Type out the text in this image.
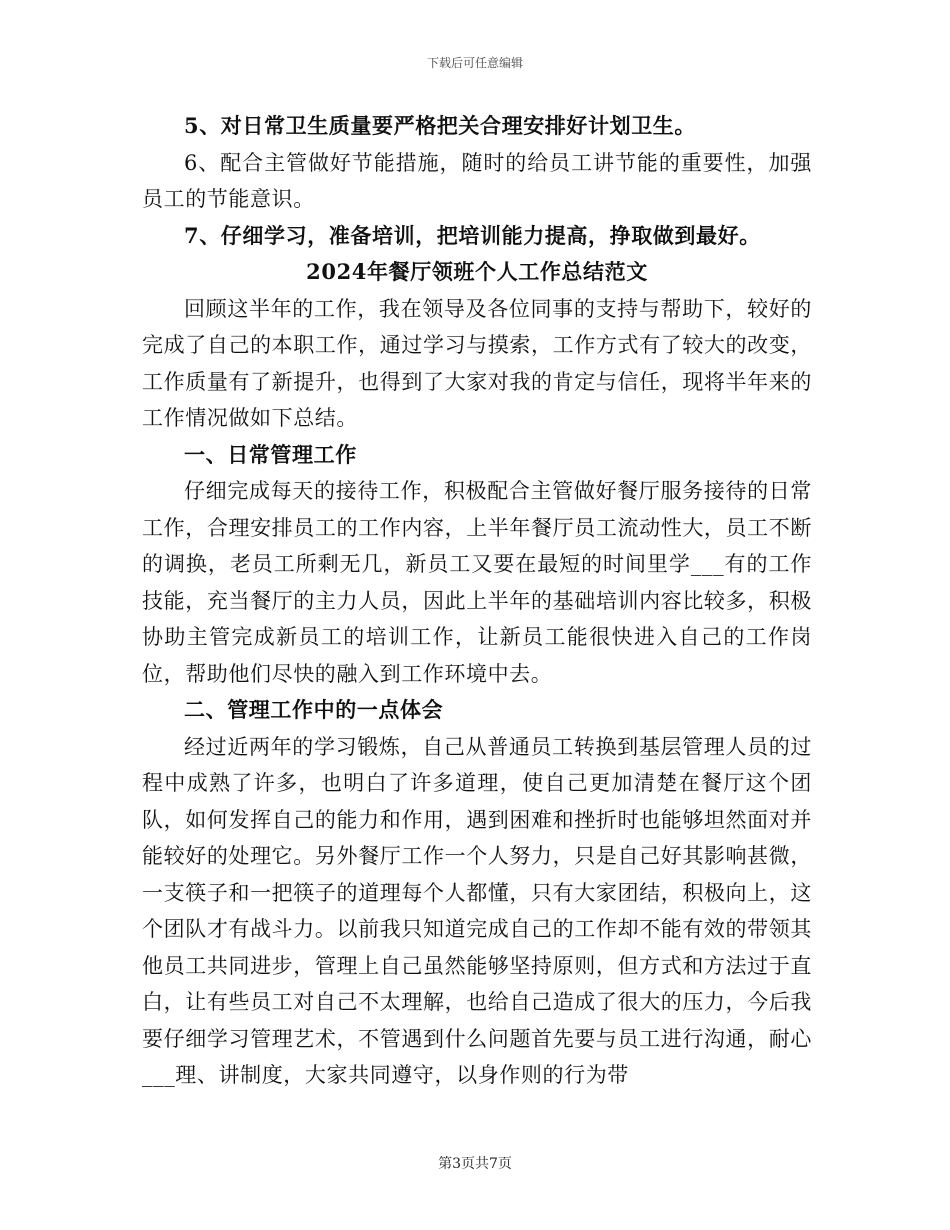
下载后可任意编辑

5、对日常卫生质量要严格把关合理安排好计划卫生。

6、配合主管做好节能措施，随时的给员工讲节能的重要性，加强员工的节能意识。

7、仔细学习，准备培训，把培训能力提高，挣取做到最好。

2024年餐厅领班个人工作总结范文

回顾这半年的工作，我在领导及各位同事的支持与帮助下，较好的完成了自己的本职工作，通过学习与摸索，工作方式有了较大的改变，工作质量有了新提升，也得到了大家对我的肯定与信任，现将半年来的工作情况做如下总结。

一、日常管理工作

仔细完成每天的接待工作，积极配合主管做好餐厅服务接待的日常工作，合理安排员工的工作内容，上半年餐厅员工流动性大，员工不断的调换，老员工所剩无几，新员工又要在最短的时间里学___有的工作技能，充当餐厅的主力人员，因此上半年的基础培训内容比较多，积极协助主管完成新员工的培训工作，让新员工能很快进入自己的工作岗位，帮助他们尽快的融入到工作环境中去。

二、管理工作中的一点体会

经过近两年的学习锻炼，自己从普通员工转换到基层管理人员的过程中成熟了许多，也明白了许多道理，使自己更加清楚在餐厅这个团队，如何发挥自己的能力和作用，遇到困难和挫折时也能够坦然面对并能较好的处理它。另外餐厅工作一个人努力，只是自己好其影响甚微，一支筷子和一把筷子的道理每个人都懂，只有大家团结，积极向上，这个团队才有战斗力。以前我只知道完成自己的工作却不能有效的带领其他员工共同进步，管理上自己虽然能够坚持原则，但方式和方法过于直白，让有些员工对自己不太理解，也给自己造成了很大的压力，今后我要仔细学习管理艺术，不管遇到什么问题首先要与员工进行沟通，耐心___理、讲制度，大家共同遵守，以身作则的行为带

第3页共7页
